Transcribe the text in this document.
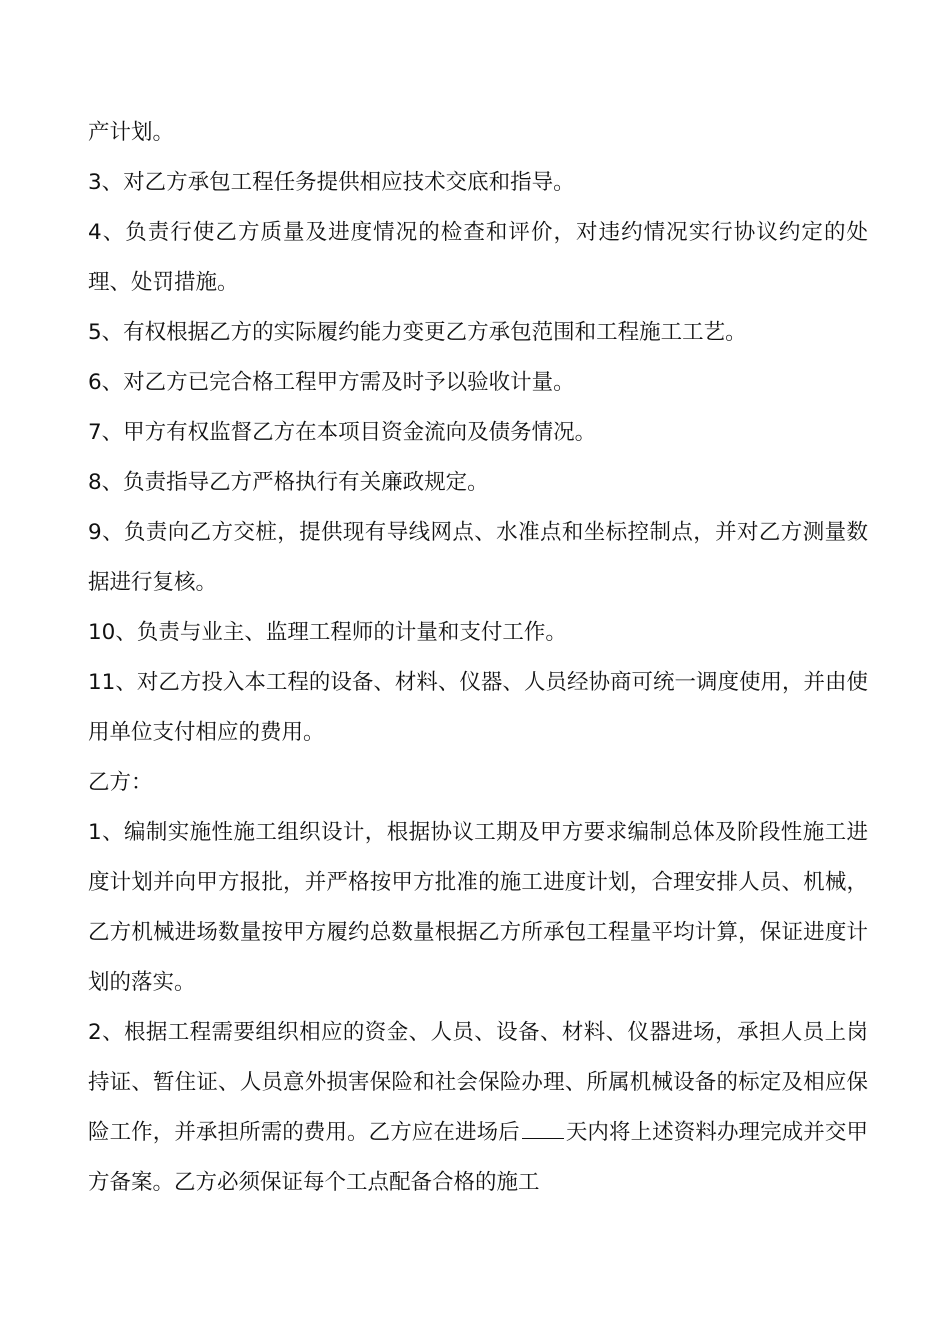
产计划。

3、对乙方承包工程任务提供相应技术交底和指导。

4、负责行使乙方质量及进度情况的检查和评价，对违约情况实行协议约定的处理、处罚措施。

5、有权根据乙方的实际履约能力变更乙方承包范围和工程施工工艺。

6、对乙方已完合格工程甲方需及时予以验收计量。

7、甲方有权监督乙方在本项目资金流向及债务情况。

8、负责指导乙方严格执行有关廉政规定。

9、负责向乙方交桩，提供现有导线网点、水准点和坐标控制点，并对乙方测量数据进行复核。

10、负责与业主、监理工程师的计量和支付工作。

11、对乙方投入本工程的设备、材料、仪器、人员经协商可统一调度使用，并由使用单位支付相应的费用。

乙方：

1、编制实施性施工组织设计，根据协议工期及甲方要求编制总体及阶段性施工进度计划并向甲方报批，并严格按甲方批准的施工进度计划，合理安排人员、机械，乙方机械进场数量按甲方履约总数量根据乙方所承包工程量平均计算，保证进度计划的落实。

2、根据工程需要组织相应的资金、人员、设备、材料、仪器进场，承担人员上岗持证、暂住证、人员意外损害保险和社会保险办理、所属机械设备的标定及相应保险工作，并承担所需的费用。乙方应在进场后 天内将上述资料办理完成并交甲方备案。乙方必须保证每个工点配备合格的施工
